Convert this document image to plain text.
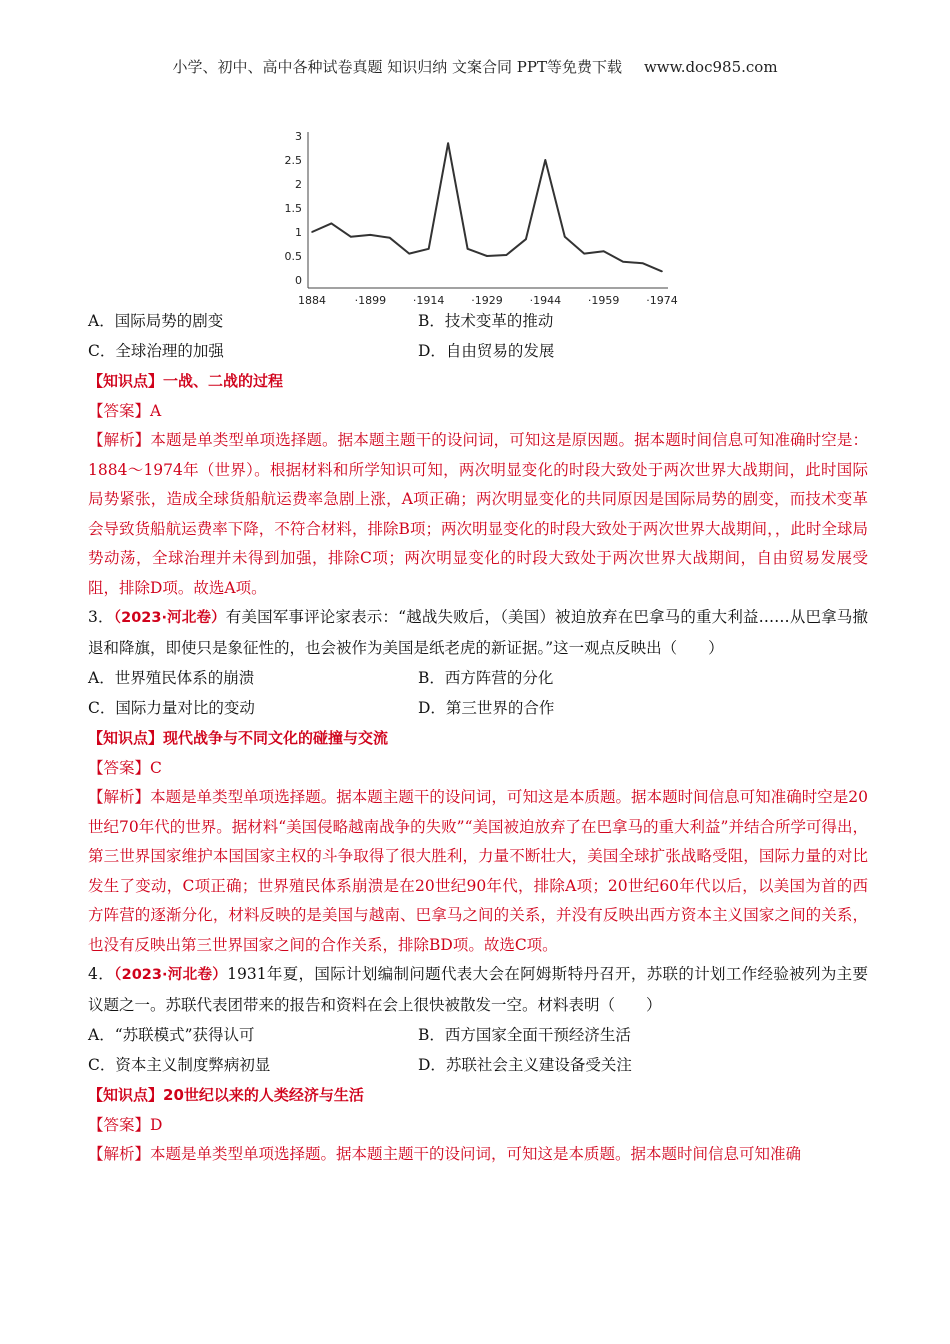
小学、初中、高中各种试卷真题 知识归纳 文案合同 PPT等免费下载 www.doc985.com
0
0.5
1
1.5
2
2.5
3
1884	·1899 ·1914 ·1929 ·1944 ·1959 ·1974
A．国际局势的剧变	B．技术变革的推动
C．全球治理的加强	D．自由贸易的发展
【知识点】一战、二战的过程
【答案】A
【解析】本题是单类型单项选择题。据本题主题干的设问词，可知这是原因题。据本题时间信息可知准确时空是：1884～1974年（世界）。根据材料和所学知识可知，两次明显变化的时段大致处于两次世界大战期间，此时国际局势紧张，造成全球货船航运费率急剧上涨，A项正确；两次明显变化的共同原因是国际局势的剧变，而技术变革会导致货船航运费率下降，不符合材料，排除B项；两次明显变化的时段大致处于两次世界大战期间，，此时全球局势动荡，全球治理并未得到加强，排除C项；两次明显变化的时段大致处于两次世界大战期间，自由贸易发展受阻，排除D项。故选A项。
3．（2023·河北卷）有美国军事评论家表示：“越战失败后，（美国）被迫放弃在巴拿马的重大利益……从巴拿马撤退和降旗，即使只是象征性的，也会被作为美国是纸老虎的新证据。”这一观点反映出（　　）
A．世界殖民体系的崩溃	B．西方阵营的分化
C．国际力量对比的变动	D．第三世界的合作
【知识点】现代战争与不同文化的碰撞与交流
【答案】C
【解析】本题是单类型单项选择题。据本题主题干的设问词，可知这是本质题。据本题时间信息可知准确时空是20世纪70年代的世界。据材料“美国侵略越南战争的失败”“美国被迫放弃了在巴拿马的重大利益”并结合所学可得出，第三世界国家维护本国国家主权的斗争取得了很大胜利，力量不断壮大，美国全球扩张战略受阻，国际力量的对比发生了变动，C项正确；世界殖民体系崩溃是在20世纪90年代，排除A项；20世纪60年代以后，以美国为首的西方阵营的逐渐分化，材料反映的是美国与越南、巴拿马之间的关系，并没有反映出西方资本主义国家之间的关系，也没有反映出第三世界国家之间的合作关系，排除BD项。故选C项。
4．（2023·河北卷）1931年夏，国际计划编制问题代表大会在阿姆斯特丹召开，苏联的计划工作经验被列为主要议题之一。苏联代表团带来的报告和资料在会上很快被散发一空。材料表明（　　）
A．“苏联模式”获得认可	B．西方国家全面干预经济生活
C．资本主义制度弊病初显	D．苏联社会主义建设备受关注
【知识点】20世纪以来的人类经济与生活
【答案】D
【解析】本题是单类型单项选择题。据本题主题干的设问词，可知这是本质题。据本题时间信息可知准确
